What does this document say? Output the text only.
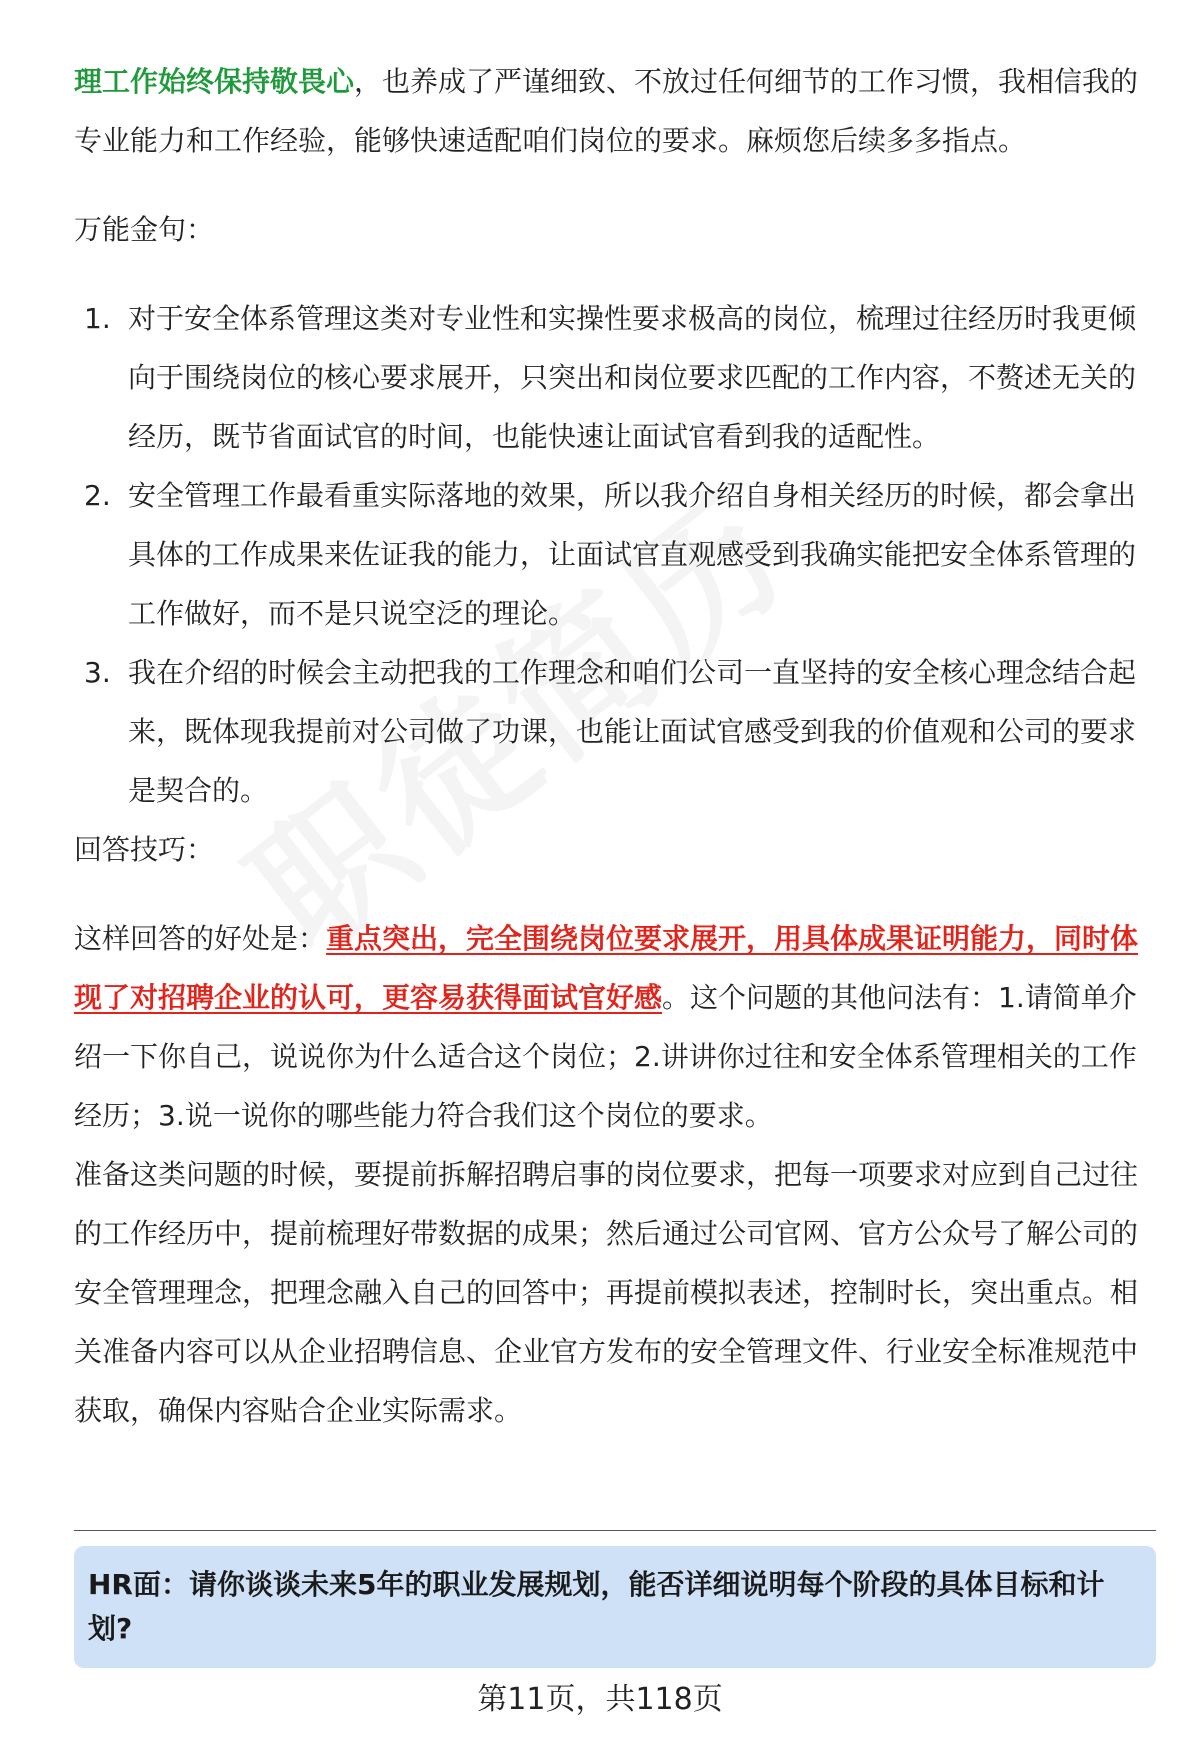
理工作始终保持敬畏心，也养成了严谨细致、不放过任何细节的工作习惯，我相信我的专业能力和工作经验，能够快速适配咱们岗位的要求。麻烦您后续多多指点。

万能金句：

1. 对于安全体系管理这类对专业性和实操性要求极高的岗位，梳理过往经历时我更倾向于围绕岗位的核心要求展开，只突出和岗位要求匹配的工作内容，不赘述无关的经历，既节省面试官的时间，也能快速让面试官看到我的适配性。
2. 安全管理工作最看重实际落地的效果，所以我介绍自身相关经历的时候，都会拿出具体的工作成果来佐证我的能力，让面试官直观感受到我确实能把安全体系管理的工作做好，而不是只说空泛的理论。
3. 我在介绍的时候会主动把我的工作理念和咱们公司一直坚持的安全核心理念结合起来，既体现我提前对公司做了功课，也能让面试官感受到我的价值观和公司的要求是契合的。

回答技巧：

这样回答的好处是：重点突出，完全围绕岗位要求展开，用具体成果证明能力，同时体现了对招聘企业的认可，更容易获得面试官好感。这个问题的其他问法有：1.请简单介绍一下你自己，说说你为什么适合这个岗位；2.讲讲你过往和安全体系管理相关的工作经历；3.说一说你的哪些能力符合我们这个岗位的要求。

准备这类问题的时候，要提前拆解招聘启事的岗位要求，把每一项要求对应到自己过往的工作经历中，提前梳理好带数据的成果；然后通过公司官网、官方公众号了解公司的安全管理理念，把理念融入自己的回答中；再提前模拟表述，控制时长，突出重点。相关准备内容可以从企业招聘信息、企业官方发布的安全管理文件、行业安全标准规范中获取，确保内容贴合企业实际需求。

HR面：请你谈谈未来5年的职业发展规划，能否详细说明每个阶段的具体目标和计划?
第11页，共118页
